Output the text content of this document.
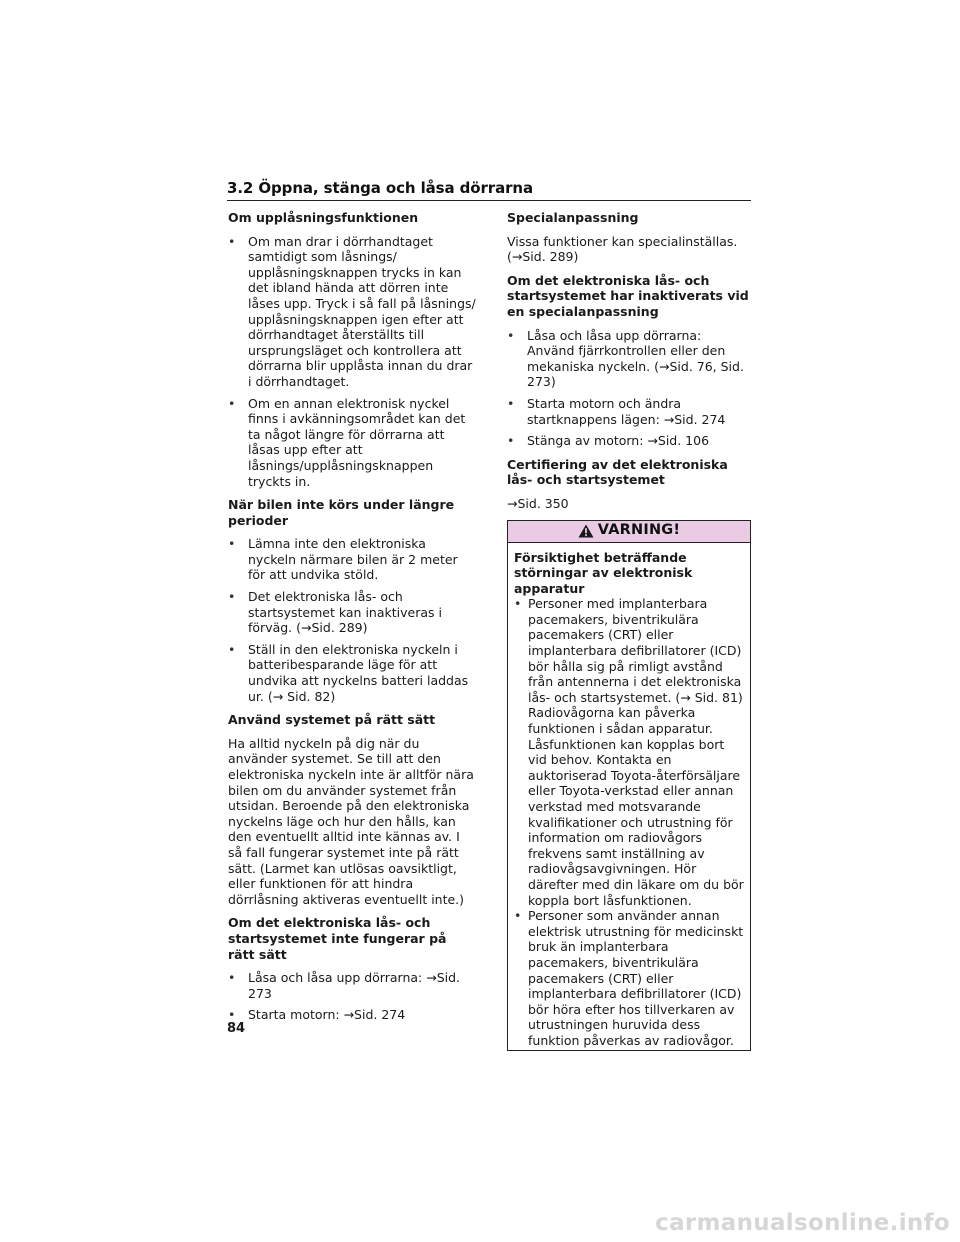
3.2 Öppna, stänga och låsa dörrarna
Om upplåsningsfunktionen
• Om man drar i dörrhandtaget samtidigt som låsnings/ upplåsningsknappen trycks in kan det ibland hända att dörren inte låses upp. Tryck i så fall på låsnings/ upplåsningsknappen igen efter att dörrhandtaget återställts till ursprungsläget och kontrollera att dörrarna blir upplåsta innan du drar i dörrhandtaget.
• Om en annan elektronisk nyckel finns i avkänningsområdet kan det ta något längre för dörrarna att låsas upp efter att låsnings/upplåsningsknappen tryckts in.
När bilen inte körs under längre perioder
• Lämna inte den elektroniska nyckeln närmare bilen är 2 meter för att undvika stöld.
• Det elektroniska lås- och startsystemet kan inaktiveras i förväg. (→Sid. 289)
• Ställ in den elektroniska nyckeln i batteribesparande läge för att undvika att nyckelns batteri laddas ur. (→ Sid. 82)
Använd systemet på rätt sätt

Ha alltid nyckeln på dig när du använder systemet. Se till att den elektroniska nyckeln inte är alltför nära bilen om du använder systemet från utsidan. Beroende på den elektroniska nyckelns läge och hur den hålls, kan den eventuellt alltid inte kännas av. I så fall fungerar systemet inte på rätt sätt. (Larmet kan utlösas oavsiktligt, eller funktionen för att hindra dörrlåsning aktiveras eventuellt inte.)

Om det elektroniska lås- och startsystemet inte fungerar på rätt sätt
• Låsa och låsa upp dörrarna: →Sid. 273
• Starta motorn: →Sid. 274
Specialanpassning

Vissa funktioner kan specialinställas. (→Sid. 289)

Om det elektroniska lås- och startsystemet har inaktiverats vid en specialanpassning
• Låsa och låsa upp dörrarna: Använd fjärrkontrollen eller den mekaniska nyckeln. (→Sid. 76, Sid. 273)
• Starta motorn och ändra startknappens lägen: →Sid. 274
• Stänga av motorn: →Sid. 106
Certifiering av det elektroniska lås- och startsystemet

→Sid. 350

VARNING!
Försiktighet beträffande störningar av elektronisk apparatur
• Personer med implanterbara pacemakers, biventrikulära pacemakers (CRT) eller implanterbara defibrillatorer (ICD) bör hålla sig på rimligt avstånd från antennerna i det elektroniska lås- och startsystemet. (→ Sid. 81) Radiovågorna kan påverka funktionen i sådan apparatur. Låsfunktionen kan kopplas bort vid behov. Kontakta en auktoriserad Toyota-återförsäljare eller Toyota-verkstad eller annan verkstad med motsvarande kvalifikationer och utrustning för information om radiovågors frekvens samt inställning av radiovågsavgivningen. Hör därefter med din läkare om du bör koppla bort låsfunktionen.
• Personer som använder annan elektrisk utrustning för medicinskt bruk än implanterbara pacemakers, biventrikulära pacemakers (CRT) eller implanterbara defibrillatorer (ICD) bör höra efter hos tillverkaren av utrustningen huruvida dess funktion påverkas av radiovågor.
84
carmanualsonline.info
